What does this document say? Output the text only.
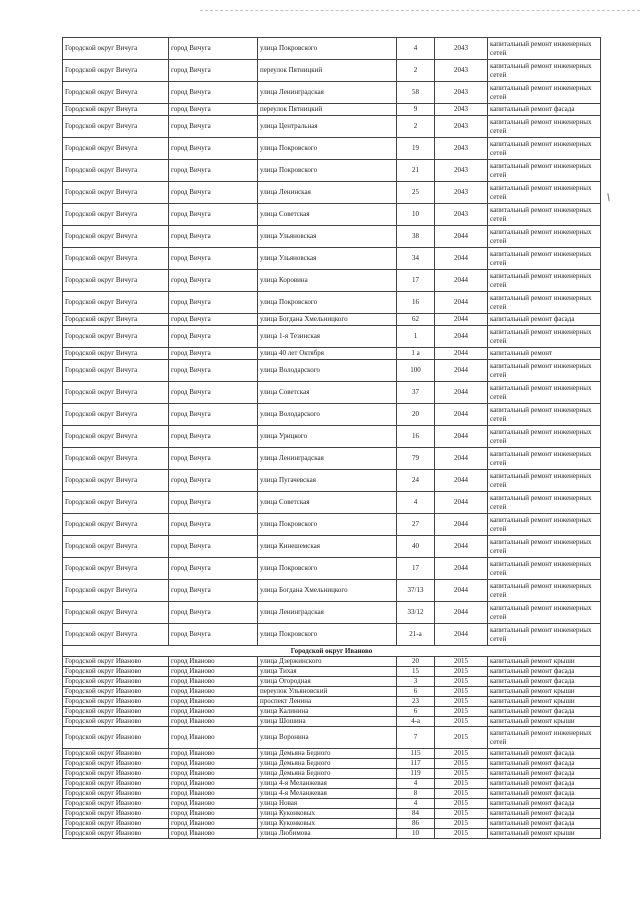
Городской округ Вичуга	город Вичуга	улица Покровского	4	2043	капитальный ремонт инженерных сетей
Городской округ Вичуга	город Вичуга	переулок Пятницкий	2	2043	капитальный ремонт инженерных сетей
Городской округ Вичуга	город Вичуга	улица Ленинградская	58	2043	капитальный ремонт инженерных сетей
Городской округ Вичуга	город Вичуга	переулок Пятницкий	9	2043	капитальный ремонт фасада
Городской округ Вичуга	город Вичуга	улица Центральная	2	2043	капитальный ремонт инженерных сетей
Городской округ Вичуга	город Вичуга	улица Покровского	19	2043	капитальный ремонт инженерных сетей
Городской округ Вичуга	город Вичуга	улица Покровского	21	2043	капитальный ремонт инженерных сетей
Городской округ Вичуга	город Вичуга	улица Ленинская	25	2043	капитальный ремонт инженерных сетей
Городской округ Вичуга	город Вичуга	улица Советская	10	2043	капитальный ремонт инженерных сетей
Городской округ Вичуга	город Вичуга	улица Ульяновская	38	2044	капитальный ремонт инженерных сетей
Городской округ Вичуга	город Вичуга	улица Ульяновская	34	2044	капитальный ремонт инженерных сетей
Городской округ Вичуга	город Вичуга	улица Коровина	17	2044	капитальный ремонт инженерных сетей
Городской округ Вичуга	город Вичуга	улица Покровского	16	2044	капитальный ремонт инженерных сетей
Городской округ Вичуга	город Вичуга	улица Богдана Хмельницкого	62	2044	капитальный ремонт фасада
Городской округ Вичуга	город Вичуга	улица 1-я Тезинская	1	2044	капитальный ремонт инженерных сетей
Городской округ Вичуга	город Вичуга	улица 40 лет Октября	1 а	2044	капитальный ремонт
Городской округ Вичуга	город Вичуга	улица Володарского	100	2044	капитальный ремонт инженерных сетей
Городской округ Вичуга	город Вичуга	улица Советская	37	2044	капитальный ремонт инженерных сетей
Городской округ Вичуга	город Вичуга	улица Володарского	20	2044	капитальный ремонт инженерных сетей
Городской округ Вичуга	город Вичуга	улица Урицкого	16	2044	капитальный ремонт инженерных сетей
Городской округ Вичуга	город Вичуга	улица Ленинградская	79	2044	капитальный ремонт инженерных сетей
Городской округ Вичуга	город Вичуга	улица Пугачевская	24	2044	капитальный ремонт инженерных сетей
Городской округ Вичуга	город Вичуга	улица Советская	4	2044	капитальный ремонт инженерных сетей
Городской округ Вичуга	город Вичуга	улица Покровского	27	2044	капитальный ремонт инженерных сетей
Городской округ Вичуга	город Вичуга	улица Кинешемская	40	2044	капитальный ремонт инженерных сетей
Городской округ Вичуга	город Вичуга	улица Покровского	17	2044	капитальный ремонт инженерных сетей
Городской округ Вичуга	город Вичуга	улица Богдана Хмельницкого	37/13	2044	капитальный ремонт инженерных сетей
Городской округ Вичуга	город Вичуга	улица Ленинградская	33/12	2044	капитальный ремонт инженерных сетей
Городской округ Вичуга	город Вичуга	улица Покровского	21-а	2044	капитальный ремонт инженерных сетей
Городской округ Иваново					
Городской округ Иваново	город Иваново	улица Дзержинского	20	2015	капитальный ремонт крыши
Городской округ Иваново	город Иваново	улица Тихая	15	2015	капитальный ремонт фасада
Городской округ Иваново	город Иваново	улица Огородная	3	2015	капитальный ремонт фасада
Городской округ Иваново	город Иваново	переулок Ульяновский	6	2015	капитальный ремонт крыши
Городской округ Иваново	город Иваново	проспект Ленина	23	2015	капитальный ремонт крыши
Городской округ Иваново	город Иваново	улица Калинина	6	2015	капитальный ремонт фасада
Городской округ Иваново	город Иваново	улица Шошина	4-а	2015	капитальный ремонт крыши
Городской округ Иваново	город Иваново	улица Воронина	7	2015	капитальный ремонт инженерных сетей
Городской округ Иваново	город Иваново	улица Демьяна Бедного	115	2015	капитальный ремонт фасада
Городской округ Иваново	город Иваново	улица Демьяна Бедного	117	2015	капитальный ремонт фасада
Городской округ Иваново	город Иваново	улица Демьяна Бедного	119	2015	капитальный ремонт фасада
Городской округ Иваново	город Иваново	улица 4-я Меланжевая	4	2015	капитальный ремонт фасада
Городской округ Иваново	город Иваново	улица 4-я Меланжевая	8	2015	капитальный ремонт фасада
Городской округ Иваново	город Иваново	улица Новая	4	2015	капитальный ремонт фасада
Городской округ Иваново	город Иваново	улица Куконковых	84	2015	капитальный ремонт фасада
Городской округ Иваново	город Иваново	улица Куконковых	86	2015	капитальный ремонт фасада
Городской округ Иваново	город Иваново	улица Любимова	10	2015	капитальный ремонт крыши
